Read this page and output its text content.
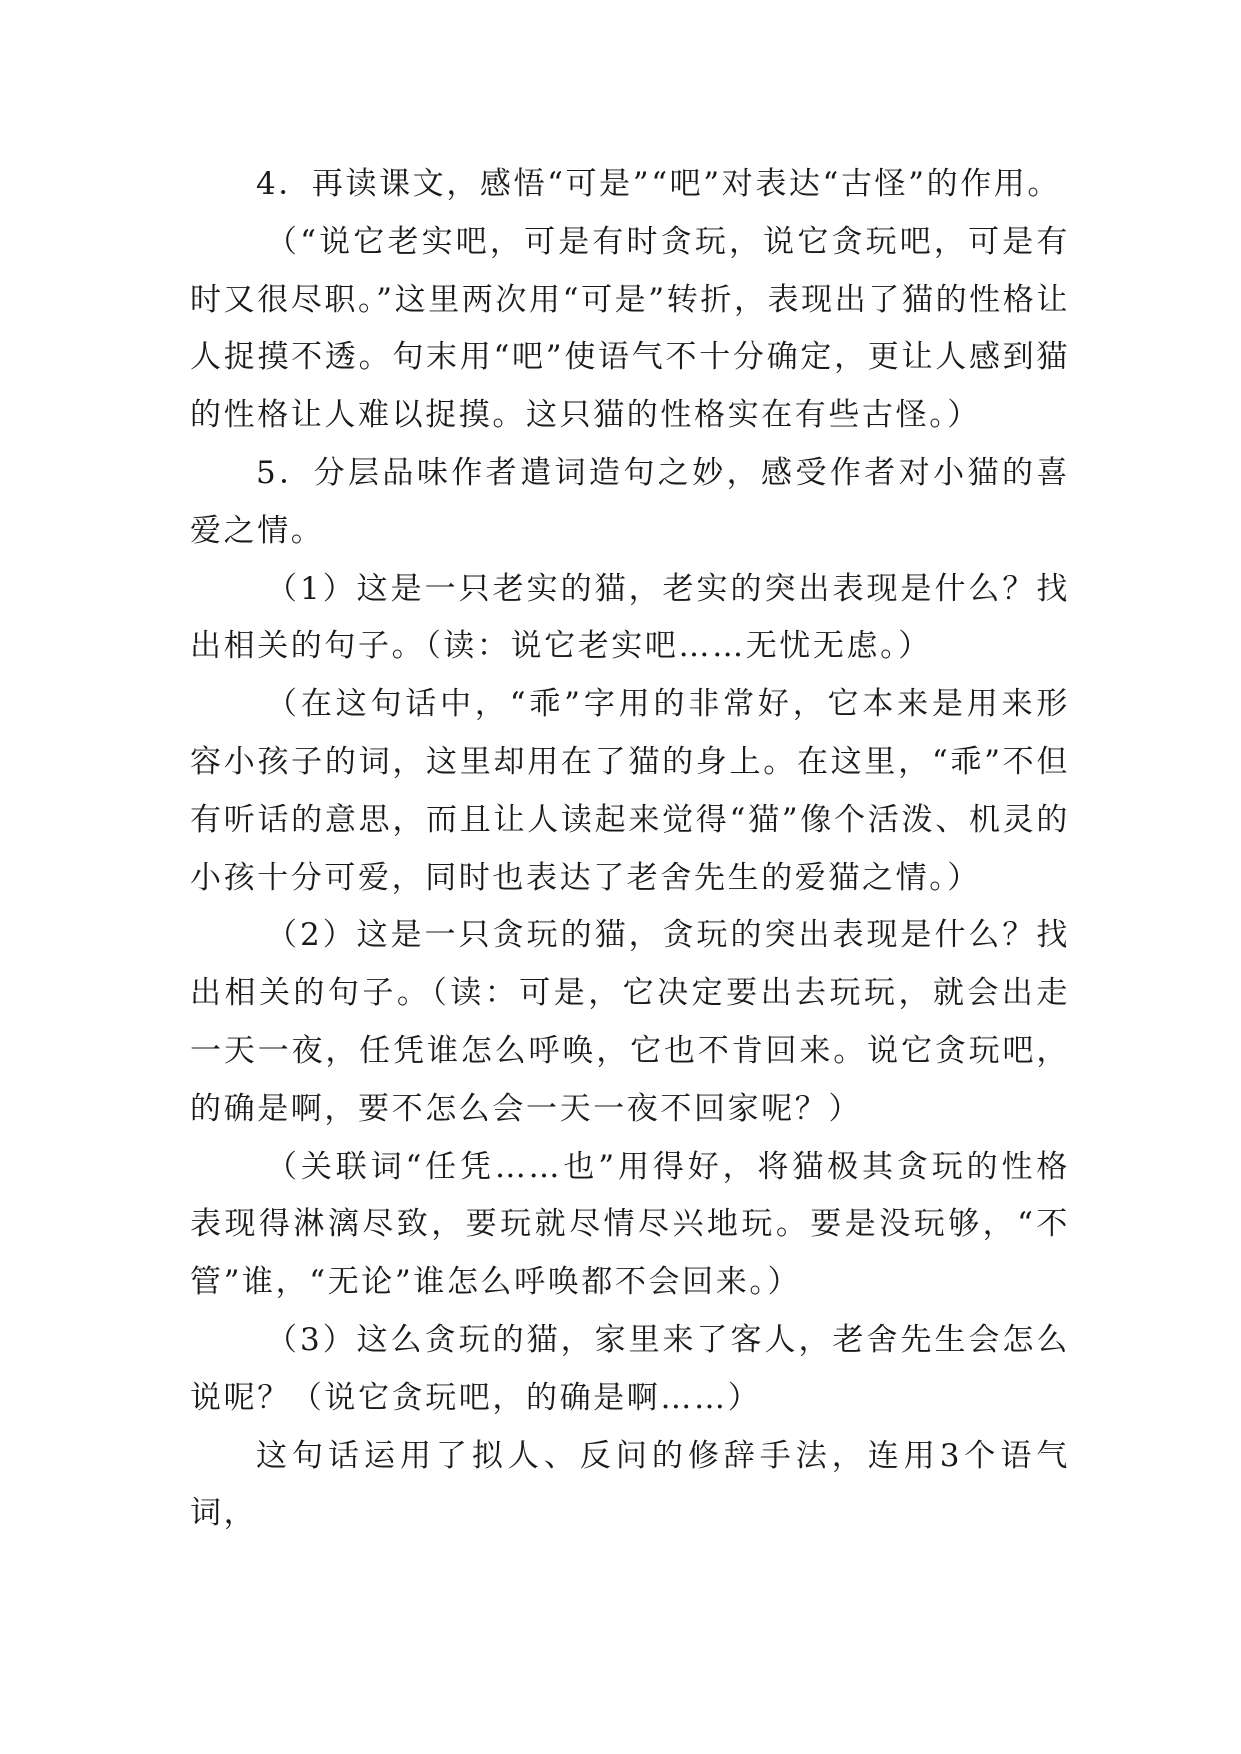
4．再读课文，感悟“可是”“吧”对表达“古怪”的作用。

（“说它老实吧，可是有时贪玩，说它贪玩吧，可是有时又很尽职。”这里两次用“可是”转折，表现出了猫的性格让人捉摸不透。句末用“吧”使语气不十分确定，更让人感到猫的性格让人难以捉摸。这只猫的性格实在有些古怪。）

5．分层品味作者遣词造句之妙，感受作者对小猫的喜爱之情。

（1）这是一只老实的猫，老实的突出表现是什么？找出相关的句子。（读：说它老实吧……无忧无虑。）

（在这句话中，“乖”字用的非常好，它本来是用来形容小孩子的词，这里却用在了猫的身上。在这里，“乖”不但有听话的意思，而且让人读起来觉得“猫”像个活泼、机灵的小孩十分可爱，同时也表达了老舍先生的爱猫之情。）

（2）这是一只贪玩的猫，贪玩的突出表现是什么？找出相关的句子。（读：可是，它决定要出去玩玩，就会出走一天一夜，任凭谁怎么呼唤，它也不肯回来。说它贪玩吧，的确是啊，要不怎么会一天一夜不回家呢？）

（关联词“任凭……也”用得好，将猫极其贪玩的性格表现得淋漓尽致，要玩就尽情尽兴地玩。要是没玩够，“不管”谁，“无论”谁怎么呼唤都不会回来。）

（3）这么贪玩的猫，家里来了客人，老舍先生会怎么说呢？（说它贪玩吧，的确是啊……）

这句话运用了拟人、反问的修辞手法，连用3个语气词，
